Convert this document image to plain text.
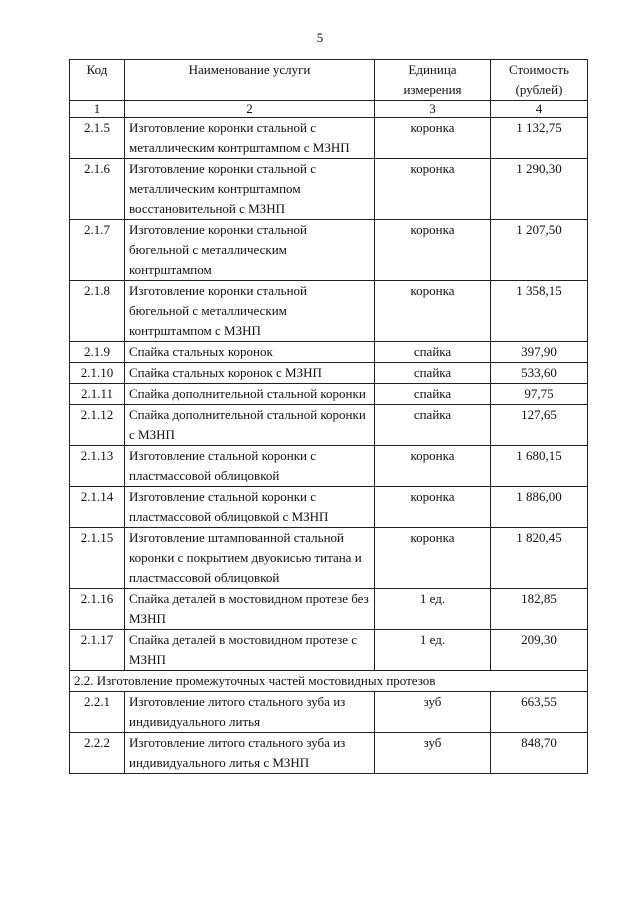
5
Код	Наименование услуги	Единица измерения	Стоимость (рублей)
1	2	3	4
2.1.5	Изготовление коронки стальной с металлическим контрштампом с МЗНП	коронка	1 132,75
2.1.6	Изготовление коронки стальной с металлическим контрштампом восстановительной с МЗНП	коронка	1 290,30
2.1.7	Изготовление коронки стальной бюгельной с металлическим контрштампом	коронка	1 207,50
2.1.8	Изготовление коронки стальной бюгельной с металлическим контрштампом с МЗНП	коронка	1 358,15
2.1.9	Спайка стальных коронок	спайка	397,90
2.1.10	Спайка стальных коронок с МЗНП	спайка	533,60
2.1.11	Спайка дополнительной стальной коронки	спайка	97,75
2.1.12	Спайка дополнительной стальной коронки с МЗНП	спайка	127,65
2.1.13	Изготовление стальной коронки с пластмассовой облицовкой	коронка	1 680,15
2.1.14	Изготовление стальной коронки с пластмассовой облицовкой с МЗНП	коронка	1 886,00
2.1.15	Изготовление штампованной стальной коронки с покрытием двуокисью титана и пластмассовой облицовкой	коронка	1 820,45
2.1.16	Спайка деталей в мостовидном протезе без МЗНП	1 ед.	182,85
2.1.17	Спайка деталей в мостовидном протезе с МЗНП	1 ед.	209,30
2.2. Изготовление промежуточных частей мостовидных протезов			
2.2.1	Изготовление литого стального зуба из индивидуального литья	зуб	663,55
2.2.2	Изготовление литого стального зуба из индивидуального литья с МЗНП	зуб	848,70
